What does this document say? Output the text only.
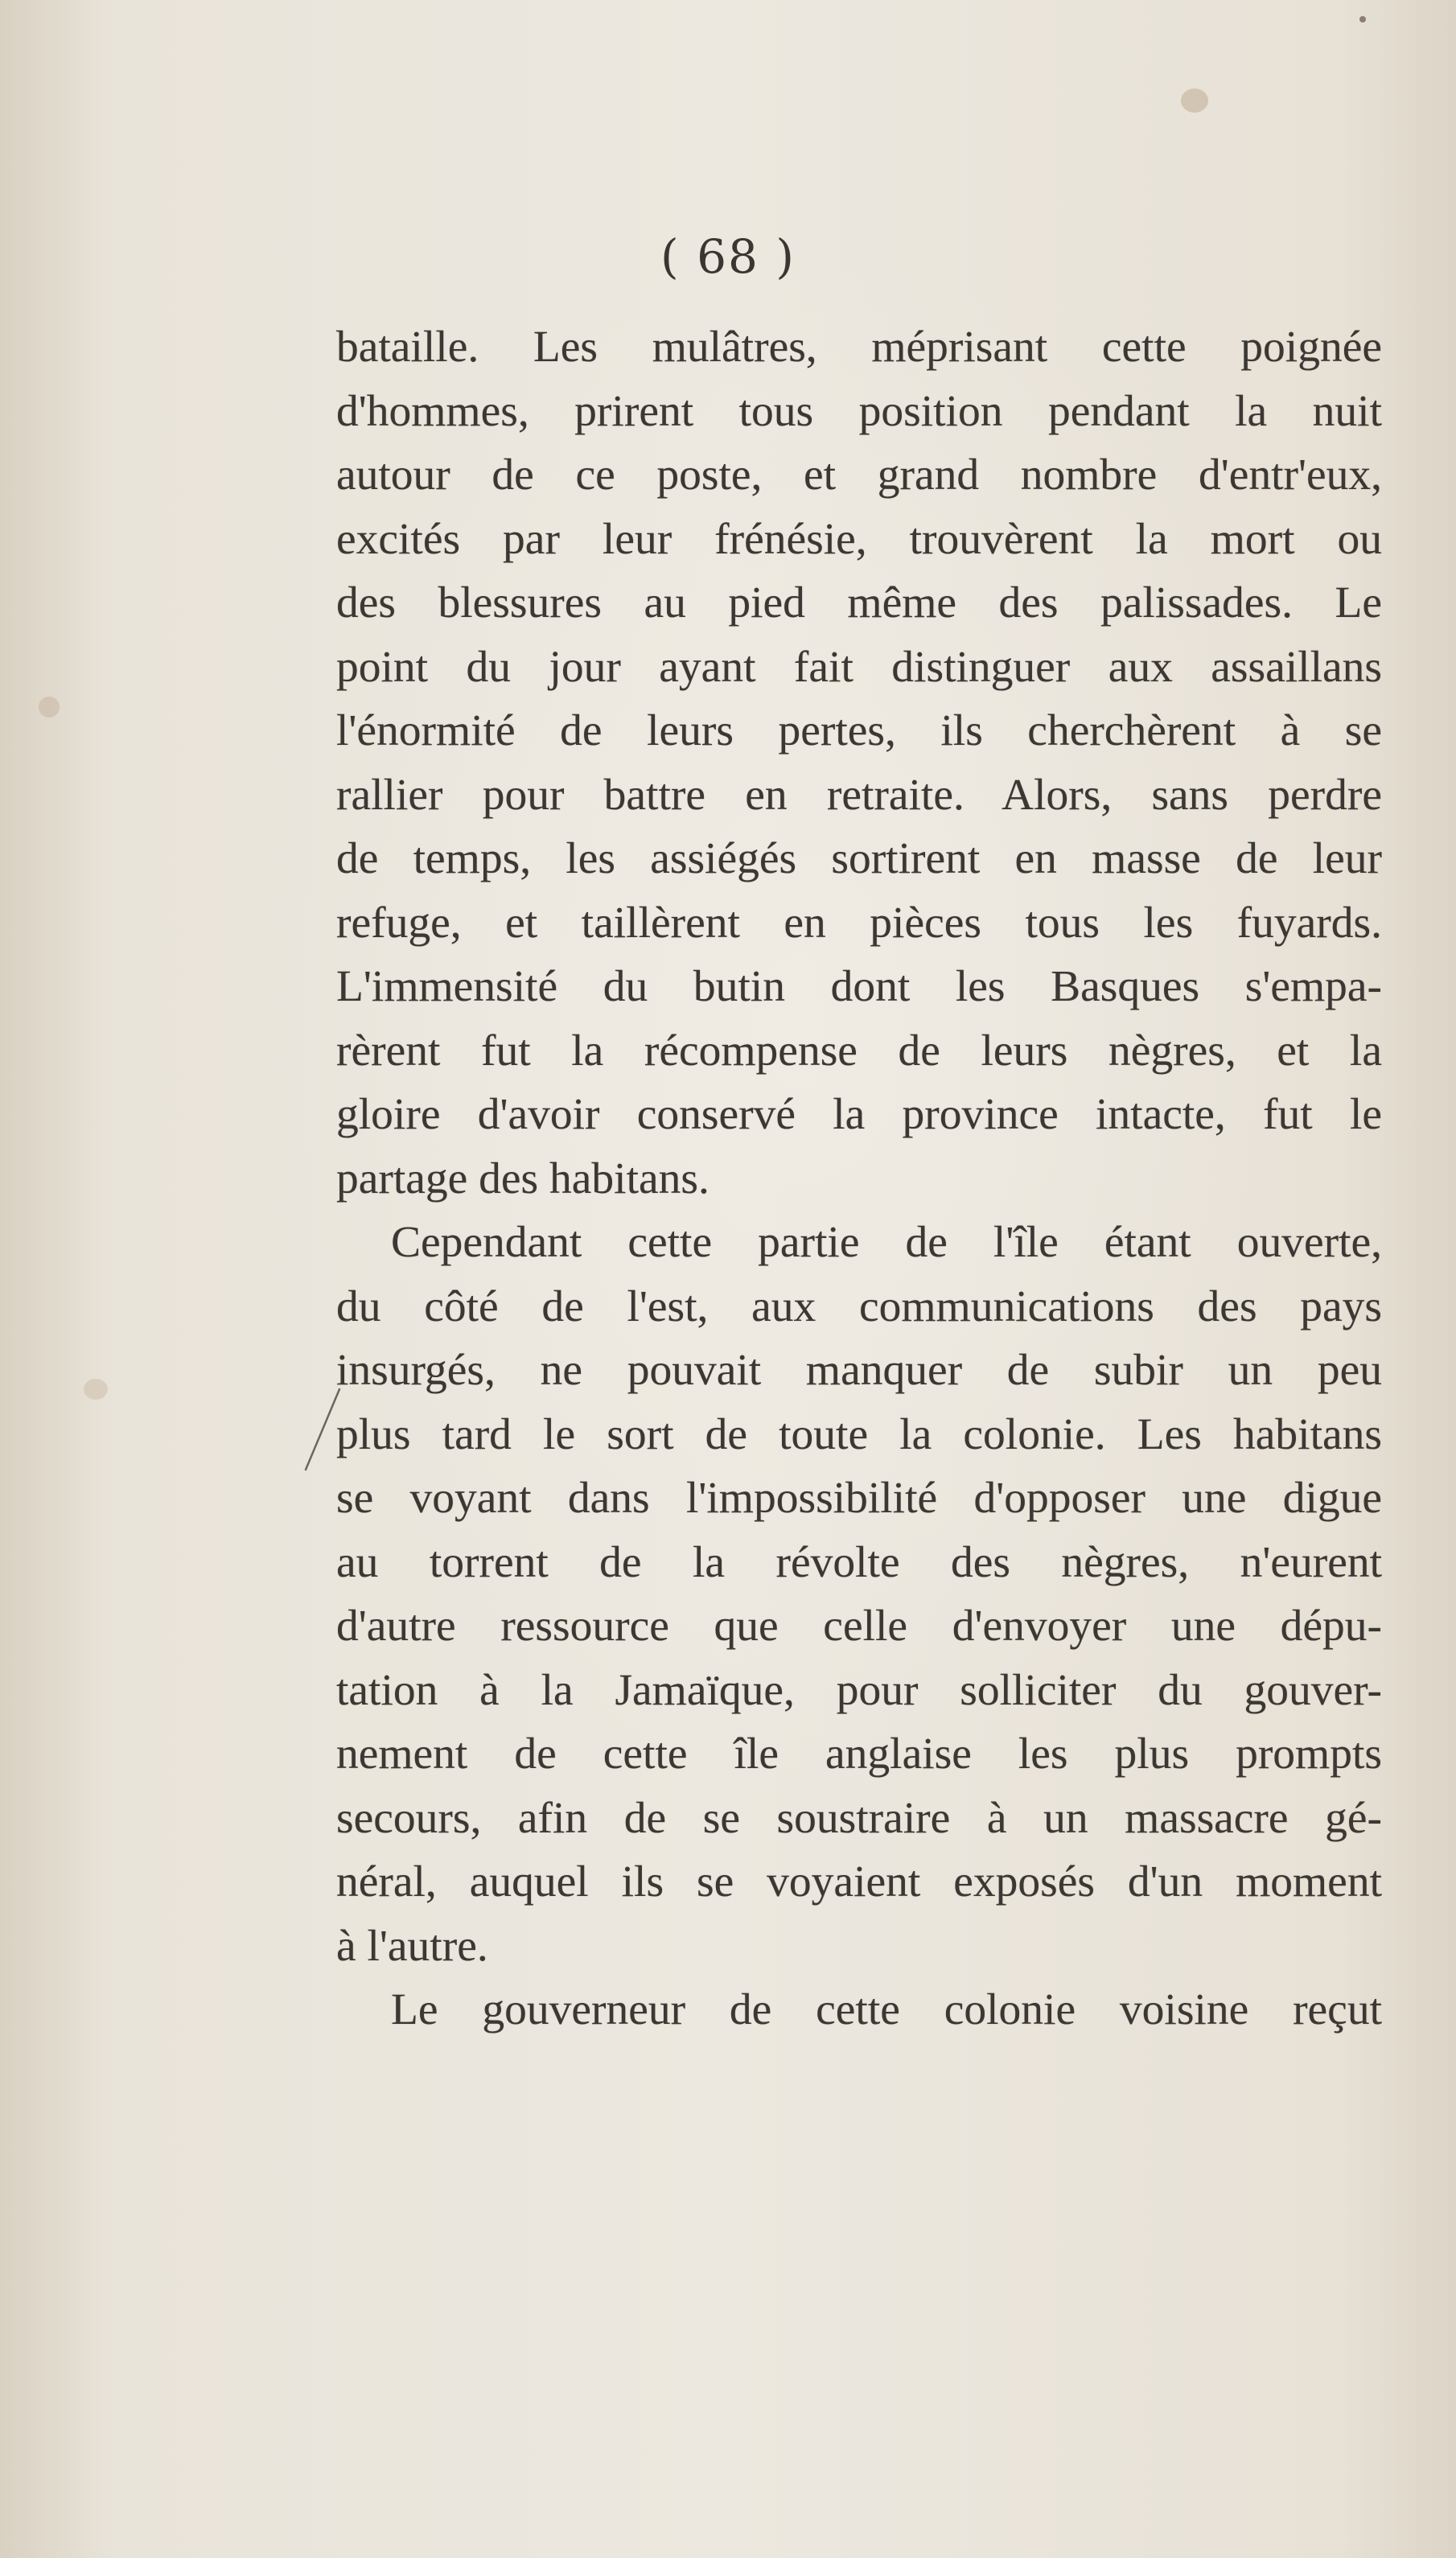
( 68 )
bataille. Les mulâtres, méprisant cette poignée
d'hommes, prirent tous position pendant la nuit
autour de ce poste, et grand nombre d'entr'eux,
excités par leur frénésie, trouvèrent la mort ou
des blessures au pied même des palissades. Le
point du jour ayant fait distinguer aux assaillans
l'énormité de leurs pertes, ils cherchèrent à se
rallier pour battre en retraite. Alors, sans perdre
de temps, les assiégés sortirent en masse de leur
refuge, et taillèrent en pièces tous les fuyards.
L'immensité du butin dont les Basques s'empa-
rèrent fut la récompense de leurs nègres, et la
gloire d'avoir conservé la province intacte, fut le
partage des habitans.
Cependant cette partie de l'île étant ouverte,
du côté de l'est, aux communications des pays
insurgés, ne pouvait manquer de subir un peu
plus tard le sort de toute la colonie. Les habitans
se voyant dans l'impossibilité d'opposer une digue
au torrent de la révolte des nègres, n'eurent
d'autre ressource que celle d'envoyer une dépu-
tation à la Jamaïque, pour solliciter du gouver-
nement de cette île anglaise les plus prompts
secours, afin de se soustraire à un massacre gé-
néral, auquel ils se voyaient exposés d'un moment
à l'autre.
Le gouverneur de cette colonie voisine reçut
